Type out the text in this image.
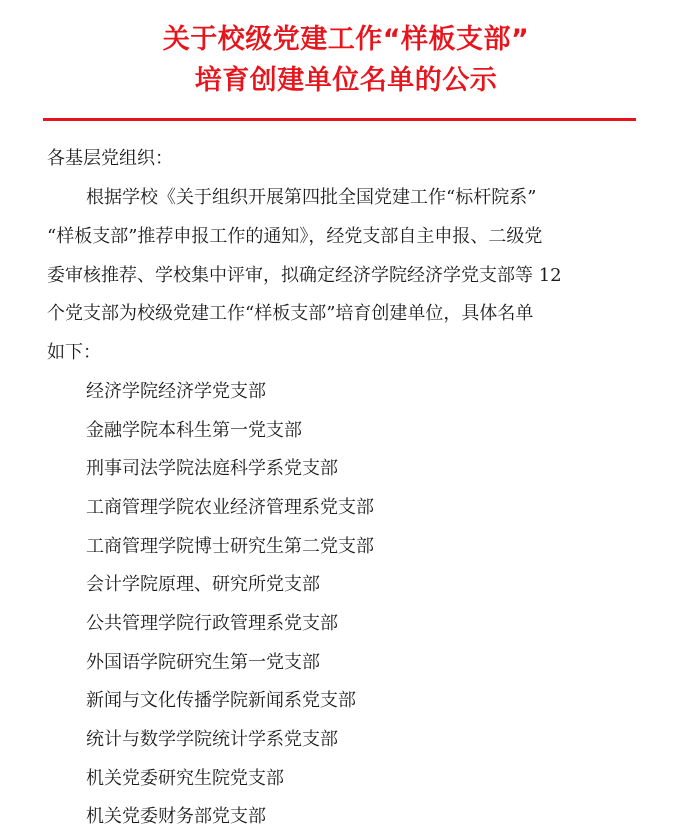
关于校级党建工作“样板支部”
培育创建单位名单的公示
各基层党组织：
根据学校《关于组织开展第四批全国党建工作“标杆院系”
“样板支部”推荐申报工作的通知》，经党支部自主申报、二级党
委审核推荐、学校集中评审，拟确定经济学院经济学党支部等 12
个党支部为校级党建工作“样板支部”培育创建单位，具体名单
如下：
经济学院经济学党支部
金融学院本科生第一党支部
刑事司法学院法庭科学系党支部
工商管理学院农业经济管理系党支部
工商管理学院博士研究生第二党支部
会计学院原理、研究所党支部
公共管理学院行政管理系党支部
外国语学院研究生第一党支部
新闻与文化传播学院新闻系党支部
统计与数学学院统计学系党支部
机关党委研究生院党支部
机关党委财务部党支部
